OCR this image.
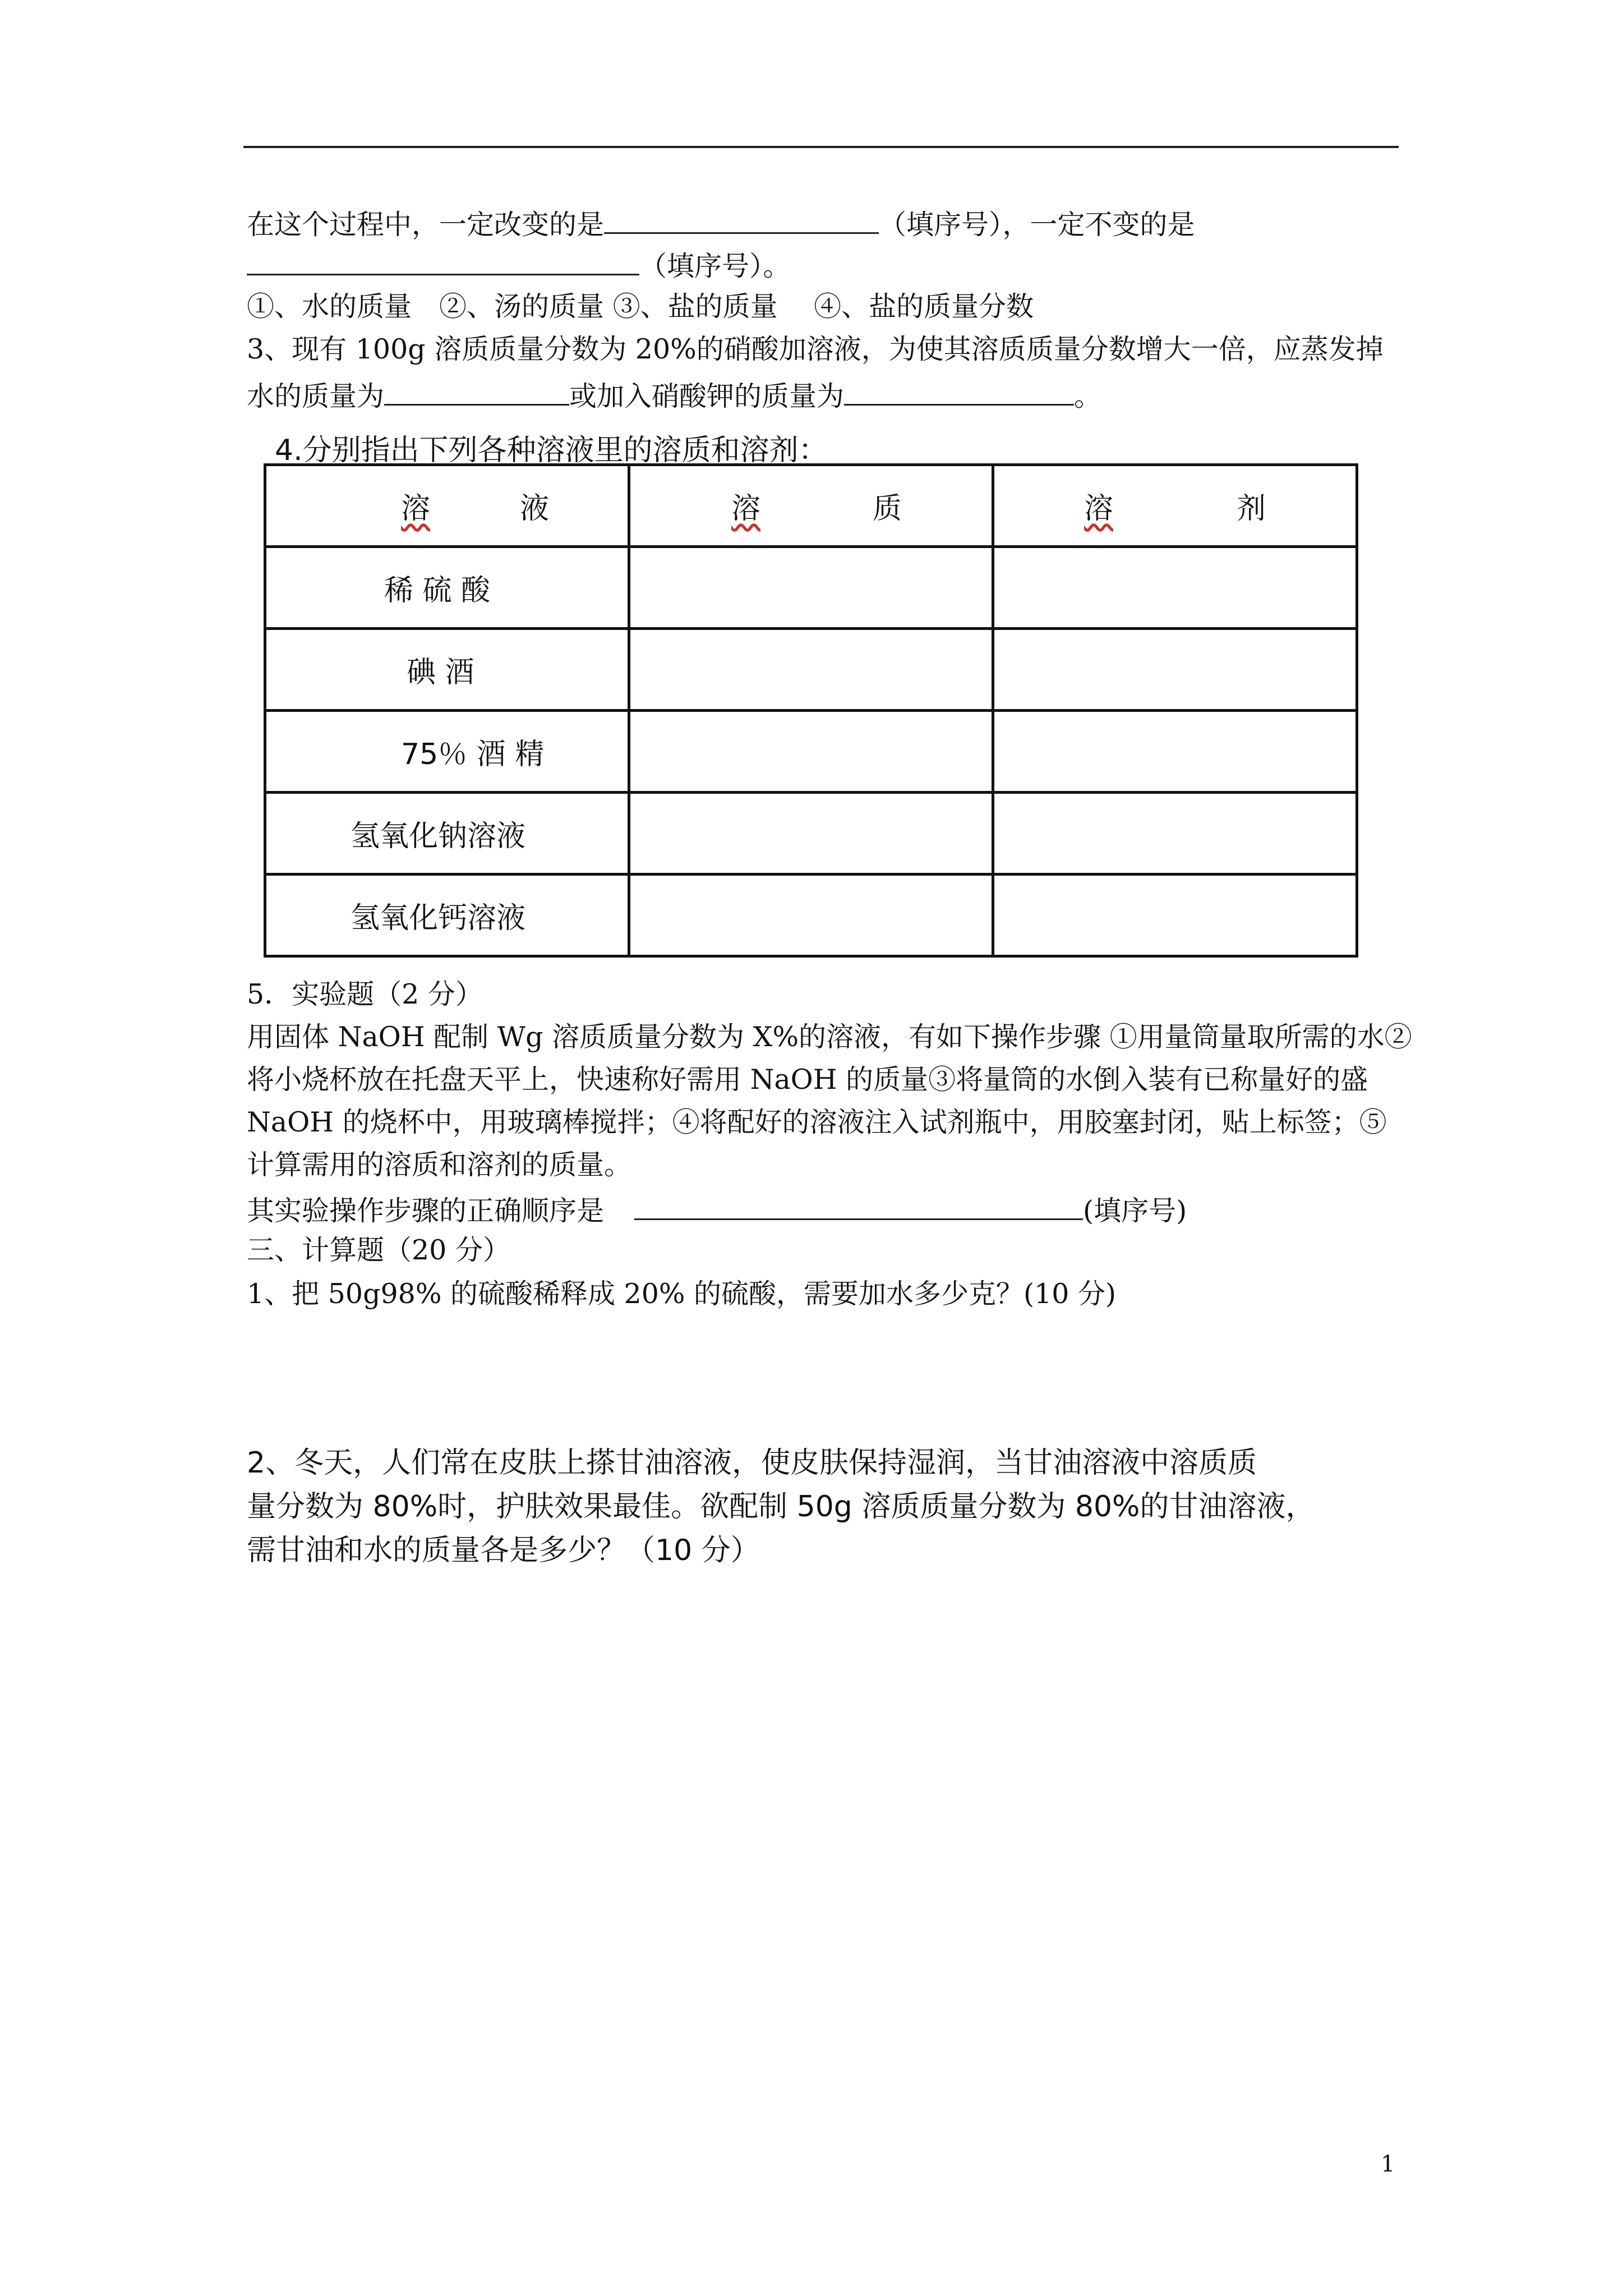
在这个过程中，一定改变的是	（填序号），一定不变的是
（填序号）。
①、水的质量　②、汤的质量 ③、盐的质量　 ④、盐的质量分数
3、现有 100g 溶质质量分数为 20%的硝酸加溶液，为使其溶质质量分数增大一倍，应蒸发掉
水的质量为	或加入硝酸钾的质量为	。
4.分别指出下列各种溶液里的溶质和溶剂：
溶 液	溶 质	溶 剂

稀 硫 酸		
碘 酒		
75％ 酒 精		
氢氧化钠溶液		
氢氧化钙溶液		
5．实验题（2 分）
用固体 NaOH 配制 Wg 溶质质量分数为 X%的溶液，有如下操作步骤 ①用量筒量取所需的水②
将小烧杯放在托盘天平上，快速称好需用 NaOH 的质量③将量筒的水倒入装有已称量好的盛
NaOH 的烧杯中，用玻璃棒搅拌；④将配好的溶液注入试剂瓶中，用胶塞封闭，贴上标签；⑤
计算需用的溶质和溶剂的质量。
其实验操作步骤的正确顺序是	(填序号)
三、计算题（20 分）
1、把 50g98% 的硫酸稀释成 20% 的硫酸，需要加水多少克？(10 分)
2、冬天，人们常在皮肤上搽甘油溶液，使皮肤保持湿润，当甘油溶液中溶质质
量分数为 80%时，护肤效果最佳。欲配制 50g 溶质质量分数为 80%的甘油溶液，
需甘油和水的质量各是多少？（10 分）
1
